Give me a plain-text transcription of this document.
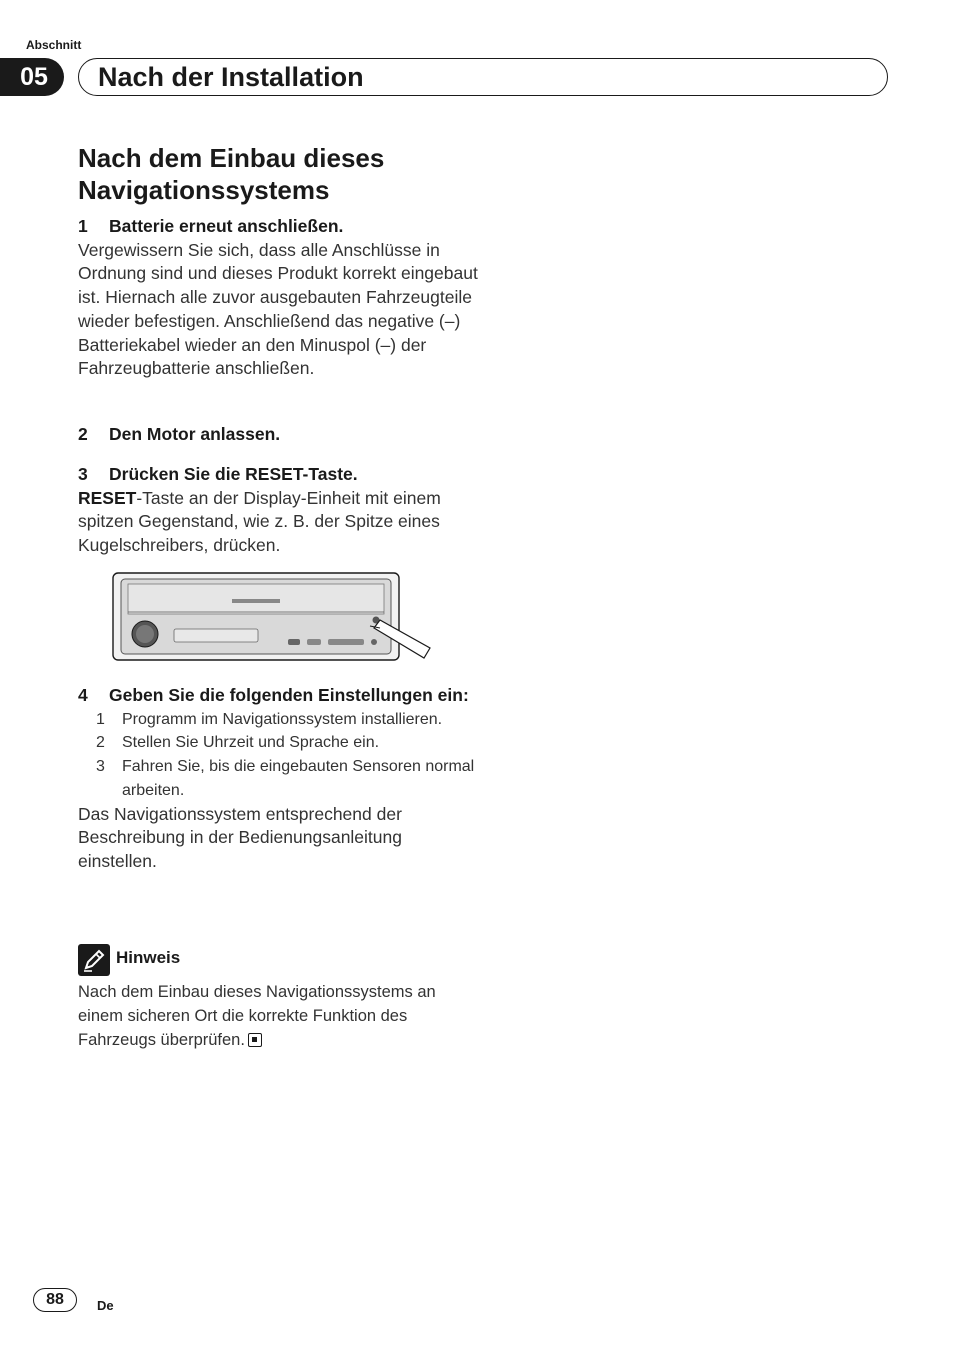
Abschnitt
05	Nach der Installation
Nach dem Einbau dieses Navigationssystems
1 Batterie erneut anschließen.
Vergewissern Sie sich, dass alle Anschlüsse in Ordnung sind und dieses Produkt korrekt eingebaut ist. Hiernach alle zuvor ausgebauten Fahrzeugteile wieder befestigen. Anschließend das negative (–) Batteriekabel wieder an den Minuspol (–) der Fahrzeugbatterie anschließen.
2 Den Motor anlassen.
3 Drücken Sie die RESET-Taste.
RESET-Taste an der Display-Einheit mit einem spitzen Gegenstand, wie z. B. der Spitze eines Kugelschreibers, drücken.
4 Geben Sie die folgenden Einstellungen ein:
1 Programm im Navigationssystem installieren.
2 Stellen Sie Uhrzeit und Sprache ein.
3 Fahren Sie, bis die eingebauten Sensoren normal arbeiten.
Das Navigationssystem entsprechend der Beschreibung in der Bedienungsanleitung einstellen.
Hinweis
Nach dem Einbau dieses Navigationssystems an einem sicheren Ort die korrekte Funktion des Fahrzeugs überprüfen.
88	De
